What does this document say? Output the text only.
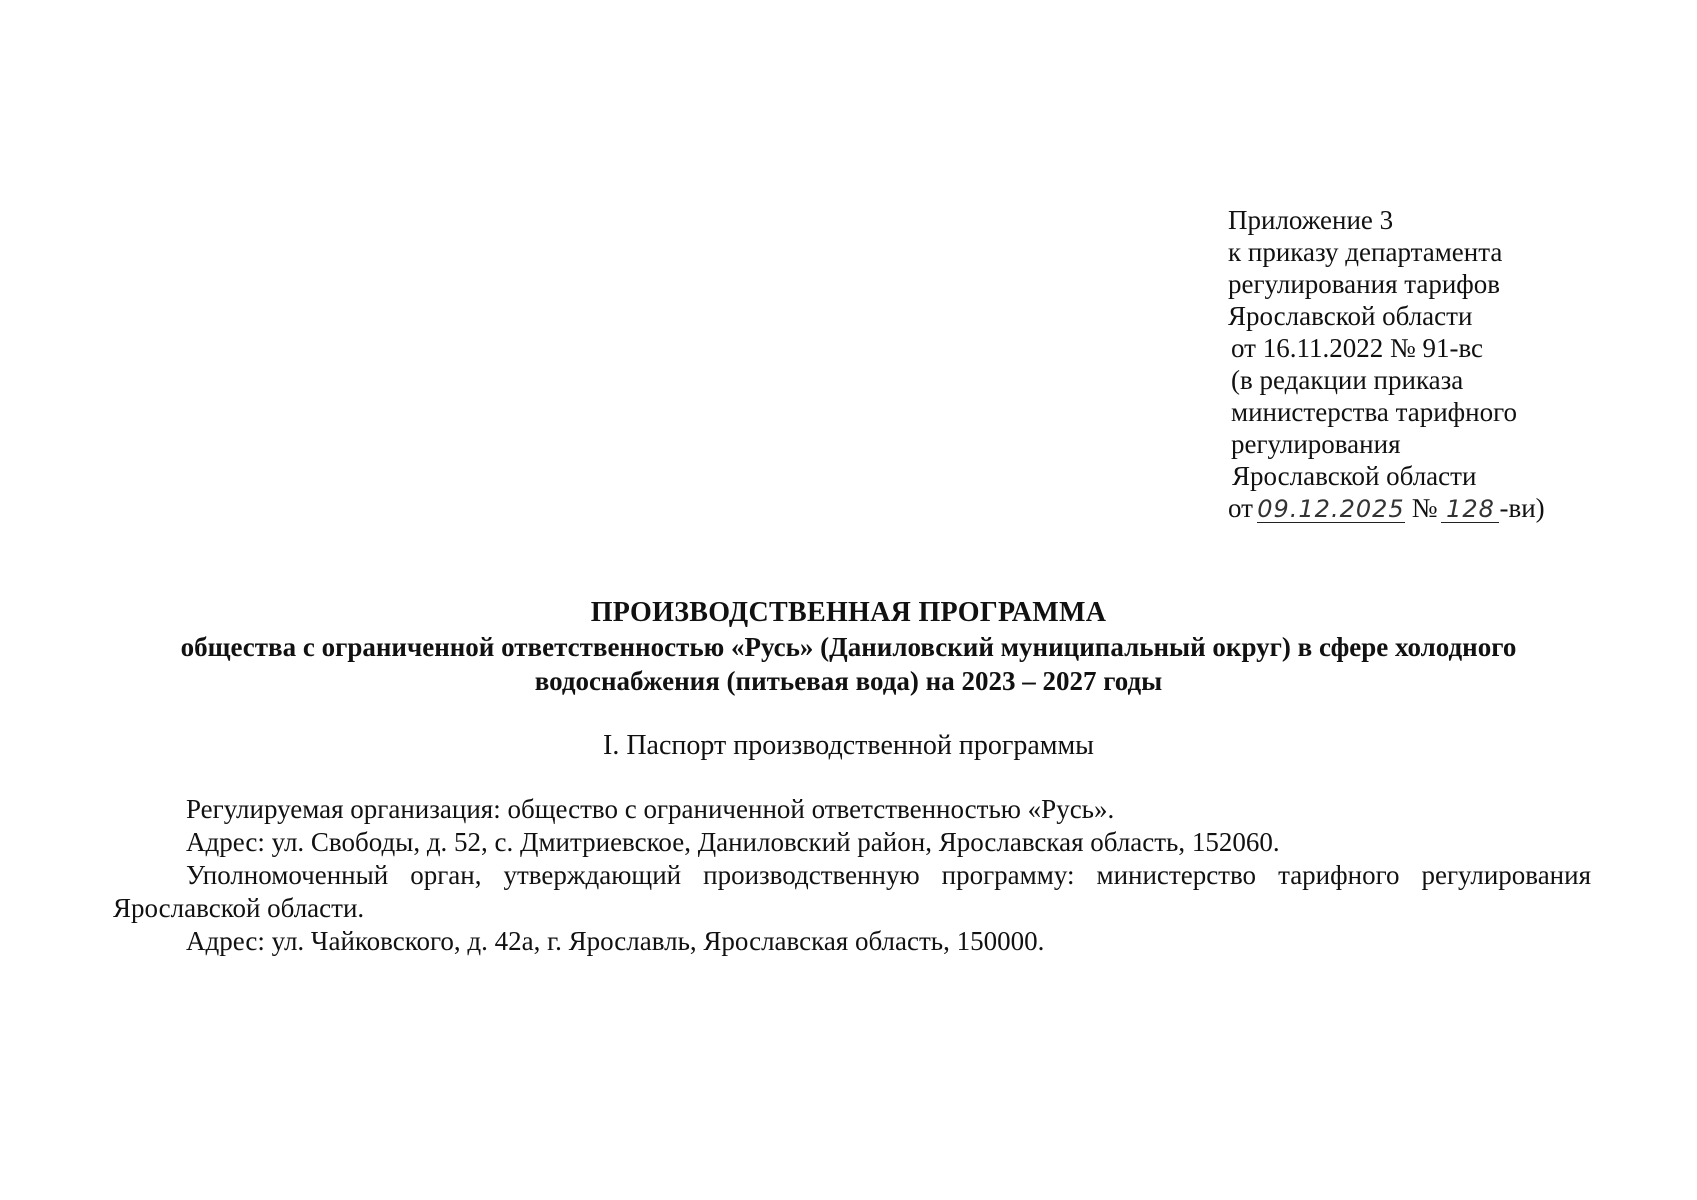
Приложение 3
к приказу департамента
регулирования тарифов
Ярославской области
от 16.11.2022 № 91-вс
(в редакции приказа
министерства тарифного
регулирования
Ярославской области
от 09.12.2025 № 128 -ви)
ПРОИЗВОДСТВЕННАЯ ПРОГРАММА
общества с ограниченной ответственностью «Русь» (Даниловский муниципальный округ) в сфере холодного
водоснабжения (питьевая вода) на 2023 – 2027 годы
I. Паспорт производственной программы

Регулируемая организация: общество с ограниченной ответственностью «Русь».

Адрес: ул. Свободы, д. 52, с. Дмитриевское, Даниловский район, Ярославская область, 152060.

Уполномоченный орган, утверждающий производственную программу: министерство тарифного регулирования Ярославской области.

Адрес: ул. Чайковского, д. 42а, г. Ярославль, Ярославская область, 150000.
